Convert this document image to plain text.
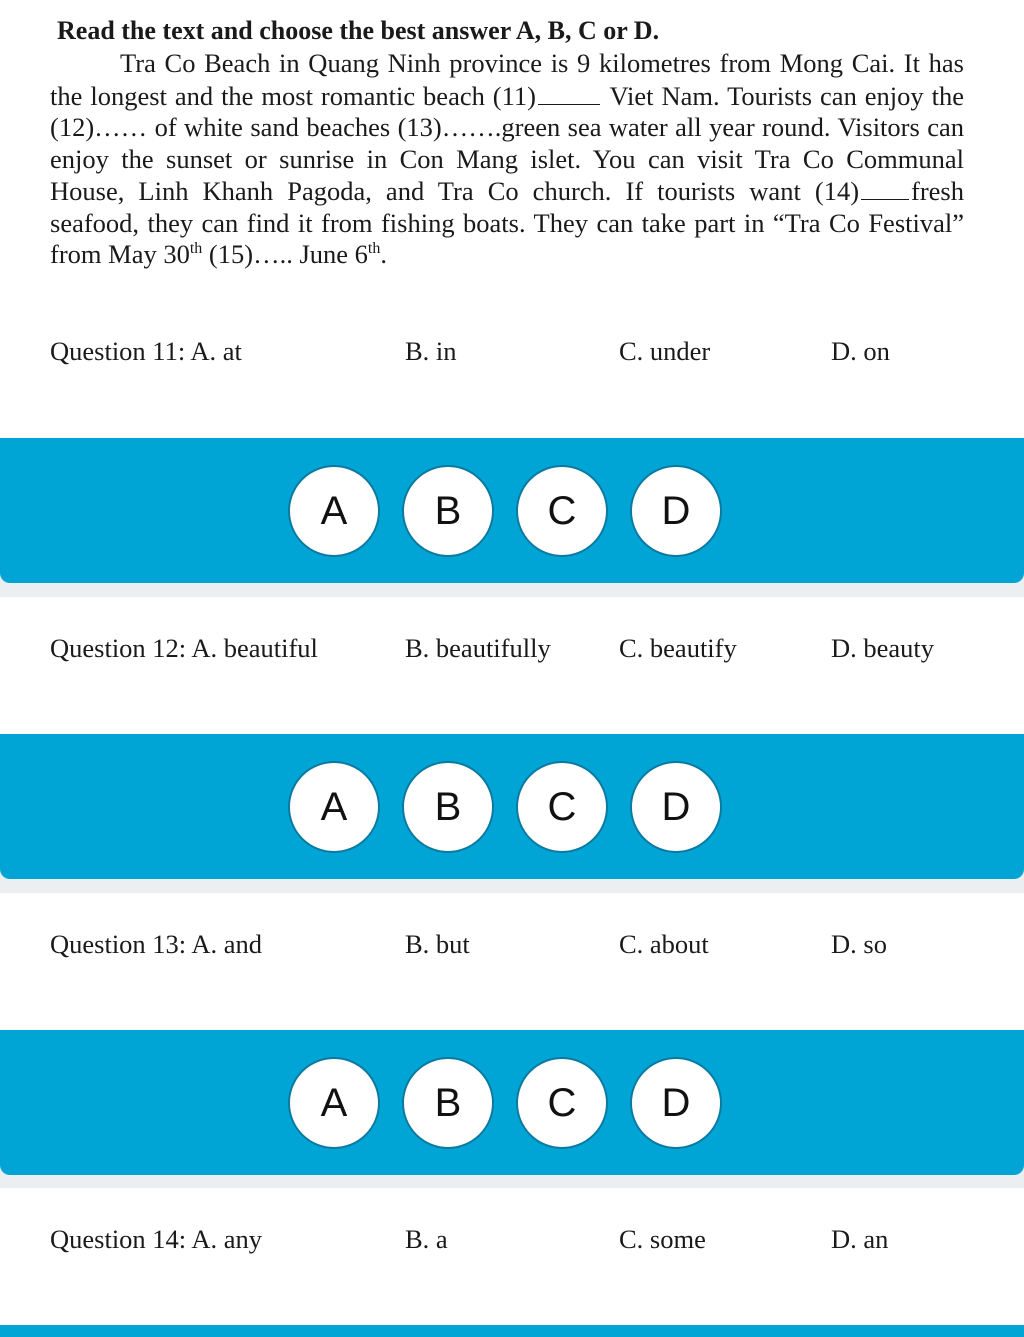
Read the text and choose the best answer A, B, C or D.
Tra Co Beach in Quang Ninh province is 9 kilometres from Mong Cai. It has the longest and the most romantic beach (11) Viet Nam. Tourists can enjoy the (12)…… of white sand beaches (13)…….green sea water all year round. Visitors can enjoy the sunset or sunrise in Con Mang islet. You can visit Tra Co Communal House, Linh Khanh Pagoda, and Tra Co church. If tourists want (14) fresh seafood, they can find it from fishing boats. They can take part in “Tra Co Festival” from May 30th (15)….. June 6th.
Question 11: A. at	B. in	C. under	D. on
A	B	C	D
Question 12: A. beautiful	B. beautifully	C. beautify	D. beauty
A	B	C	D
Question 13: A. and	B. but	C. about	D. so
A	B	C	D
Question 14: A. any	B. a	C. some	D. an
